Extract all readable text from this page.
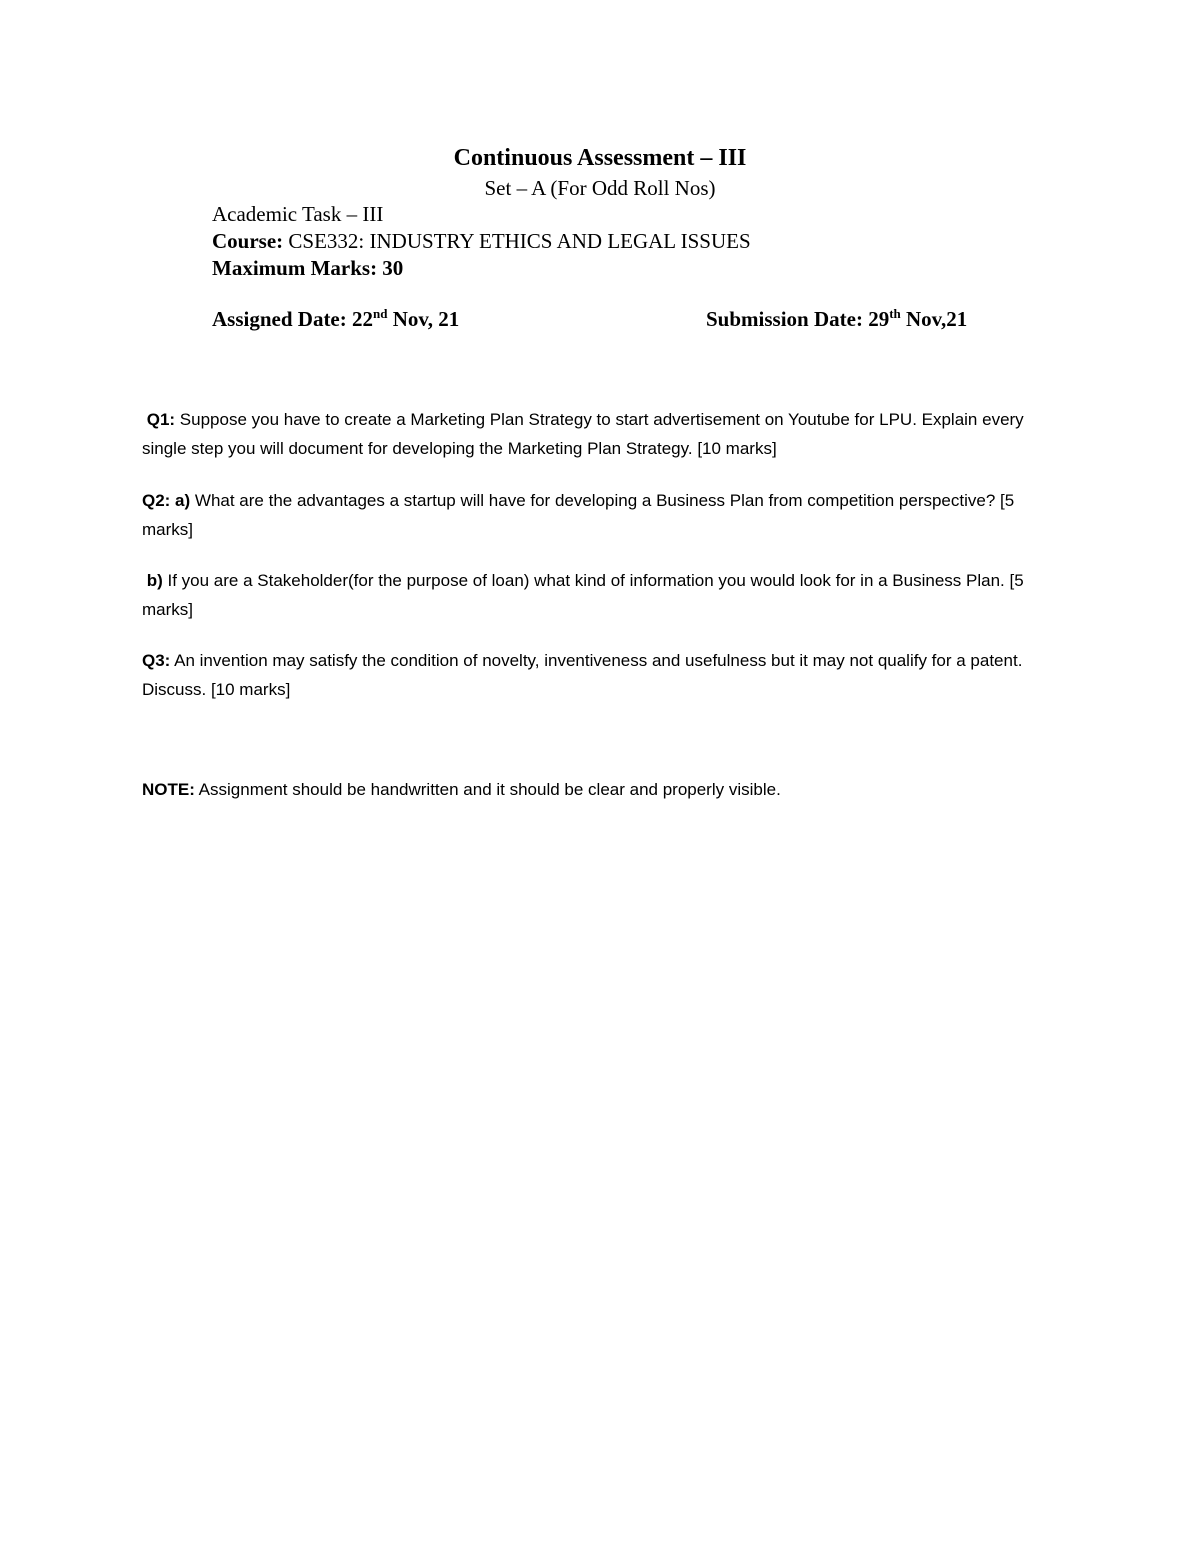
Continuous Assessment – III
Set – A (For Odd Roll Nos)
Academic Task – III
Course: CSE332: INDUSTRY ETHICS AND LEGAL ISSUES
Maximum Marks: 30
Assigned Date: 22nd Nov, 21	Submission Date: 29th Nov,21
Q1: Suppose you have to create a Marketing Plan Strategy to start advertisement on Youtube for LPU. Explain every single step you will document for developing the Marketing Plan Strategy. [10 marks]
Q2: a) What are the advantages a startup will have for developing a Business Plan from competition perspective? [5 marks]
b) If you are a Stakeholder(for the purpose of loan) what kind of information you would look for in a Business Plan. [5 marks]
Q3: An invention may satisfy the condition of novelty, inventiveness and usefulness but it may not qualify for a patent. Discuss. [10 marks]
NOTE: Assignment should be handwritten and it should be clear and properly visible.
